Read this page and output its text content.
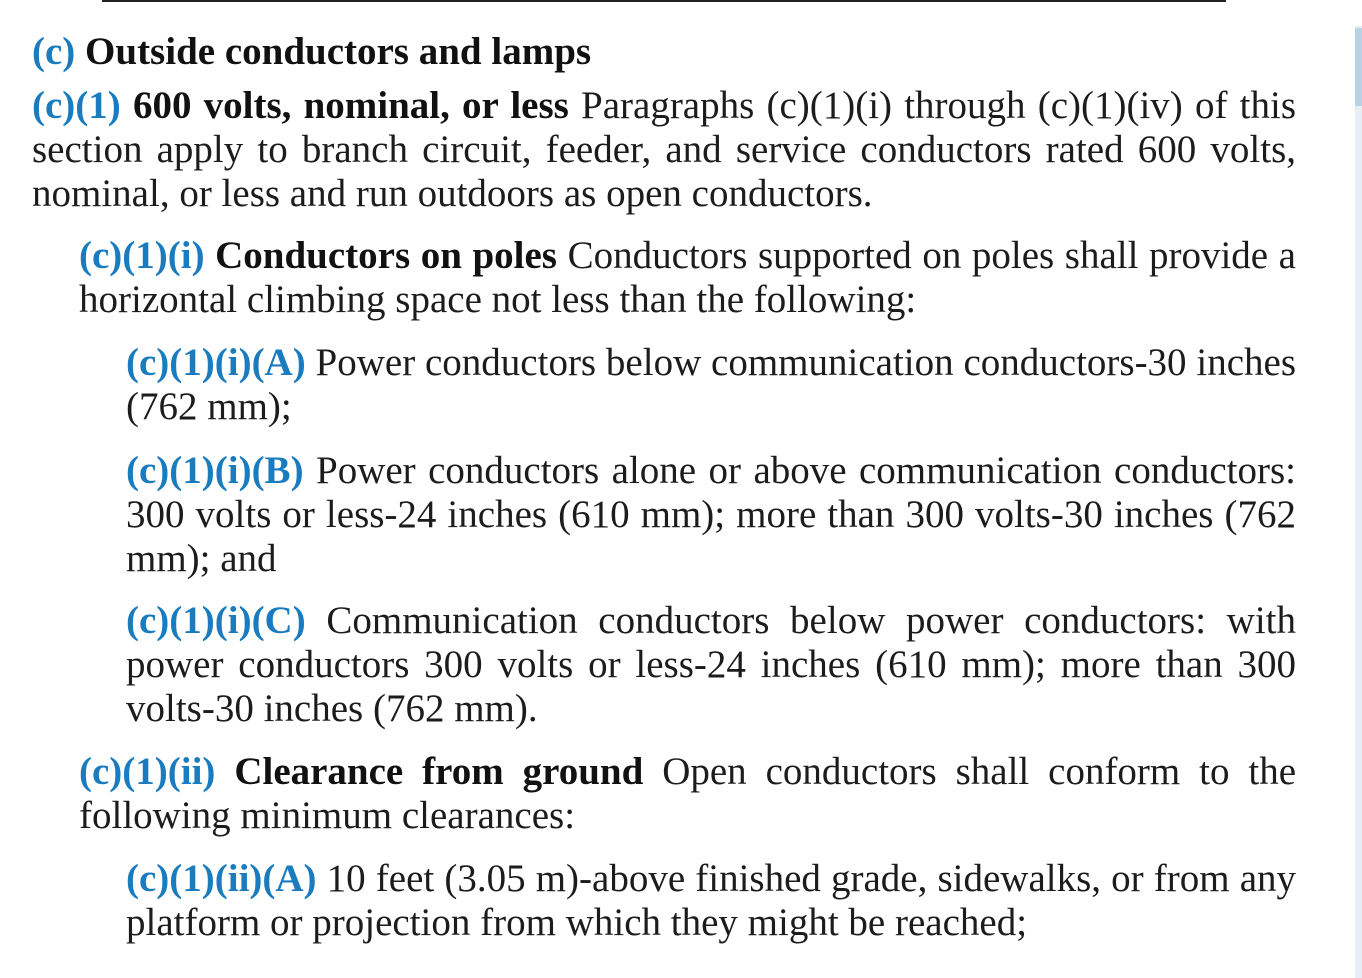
(c) Outside conductors and lamps

(c)(1) 600 volts, nominal, or less Paragraphs (c)(1)(i) through (c)(1)(iv) of this section apply to branch circuit, feeder, and service conductors rated 600 volts, nominal, or less and run outdoors as open conductors.

(c)(1)(i) Conductors on poles Conductors supported on poles shall provide a horizontal climbing space not less than the following:

(c)(1)(i)(A) Power conductors below communication conductors-30 inches (762 mm);

(c)(1)(i)(B) Power conductors alone or above communication conductors: 300 volts or less-24 inches (610 mm); more than 300 volts-30 inches (762 mm); and

(c)(1)(i)(C) Communication conductors below power conductors: with power conductors 300 volts or less-24 inches (610 mm); more than 300 volts-30 inches (762 mm).

(c)(1)(ii) Clearance from ground Open conductors shall conform to the following minimum clearances:

(c)(1)(ii)(A) 10 feet (3.05 m)-above finished grade, sidewalks, or from any platform or projection from which they might be reached;
